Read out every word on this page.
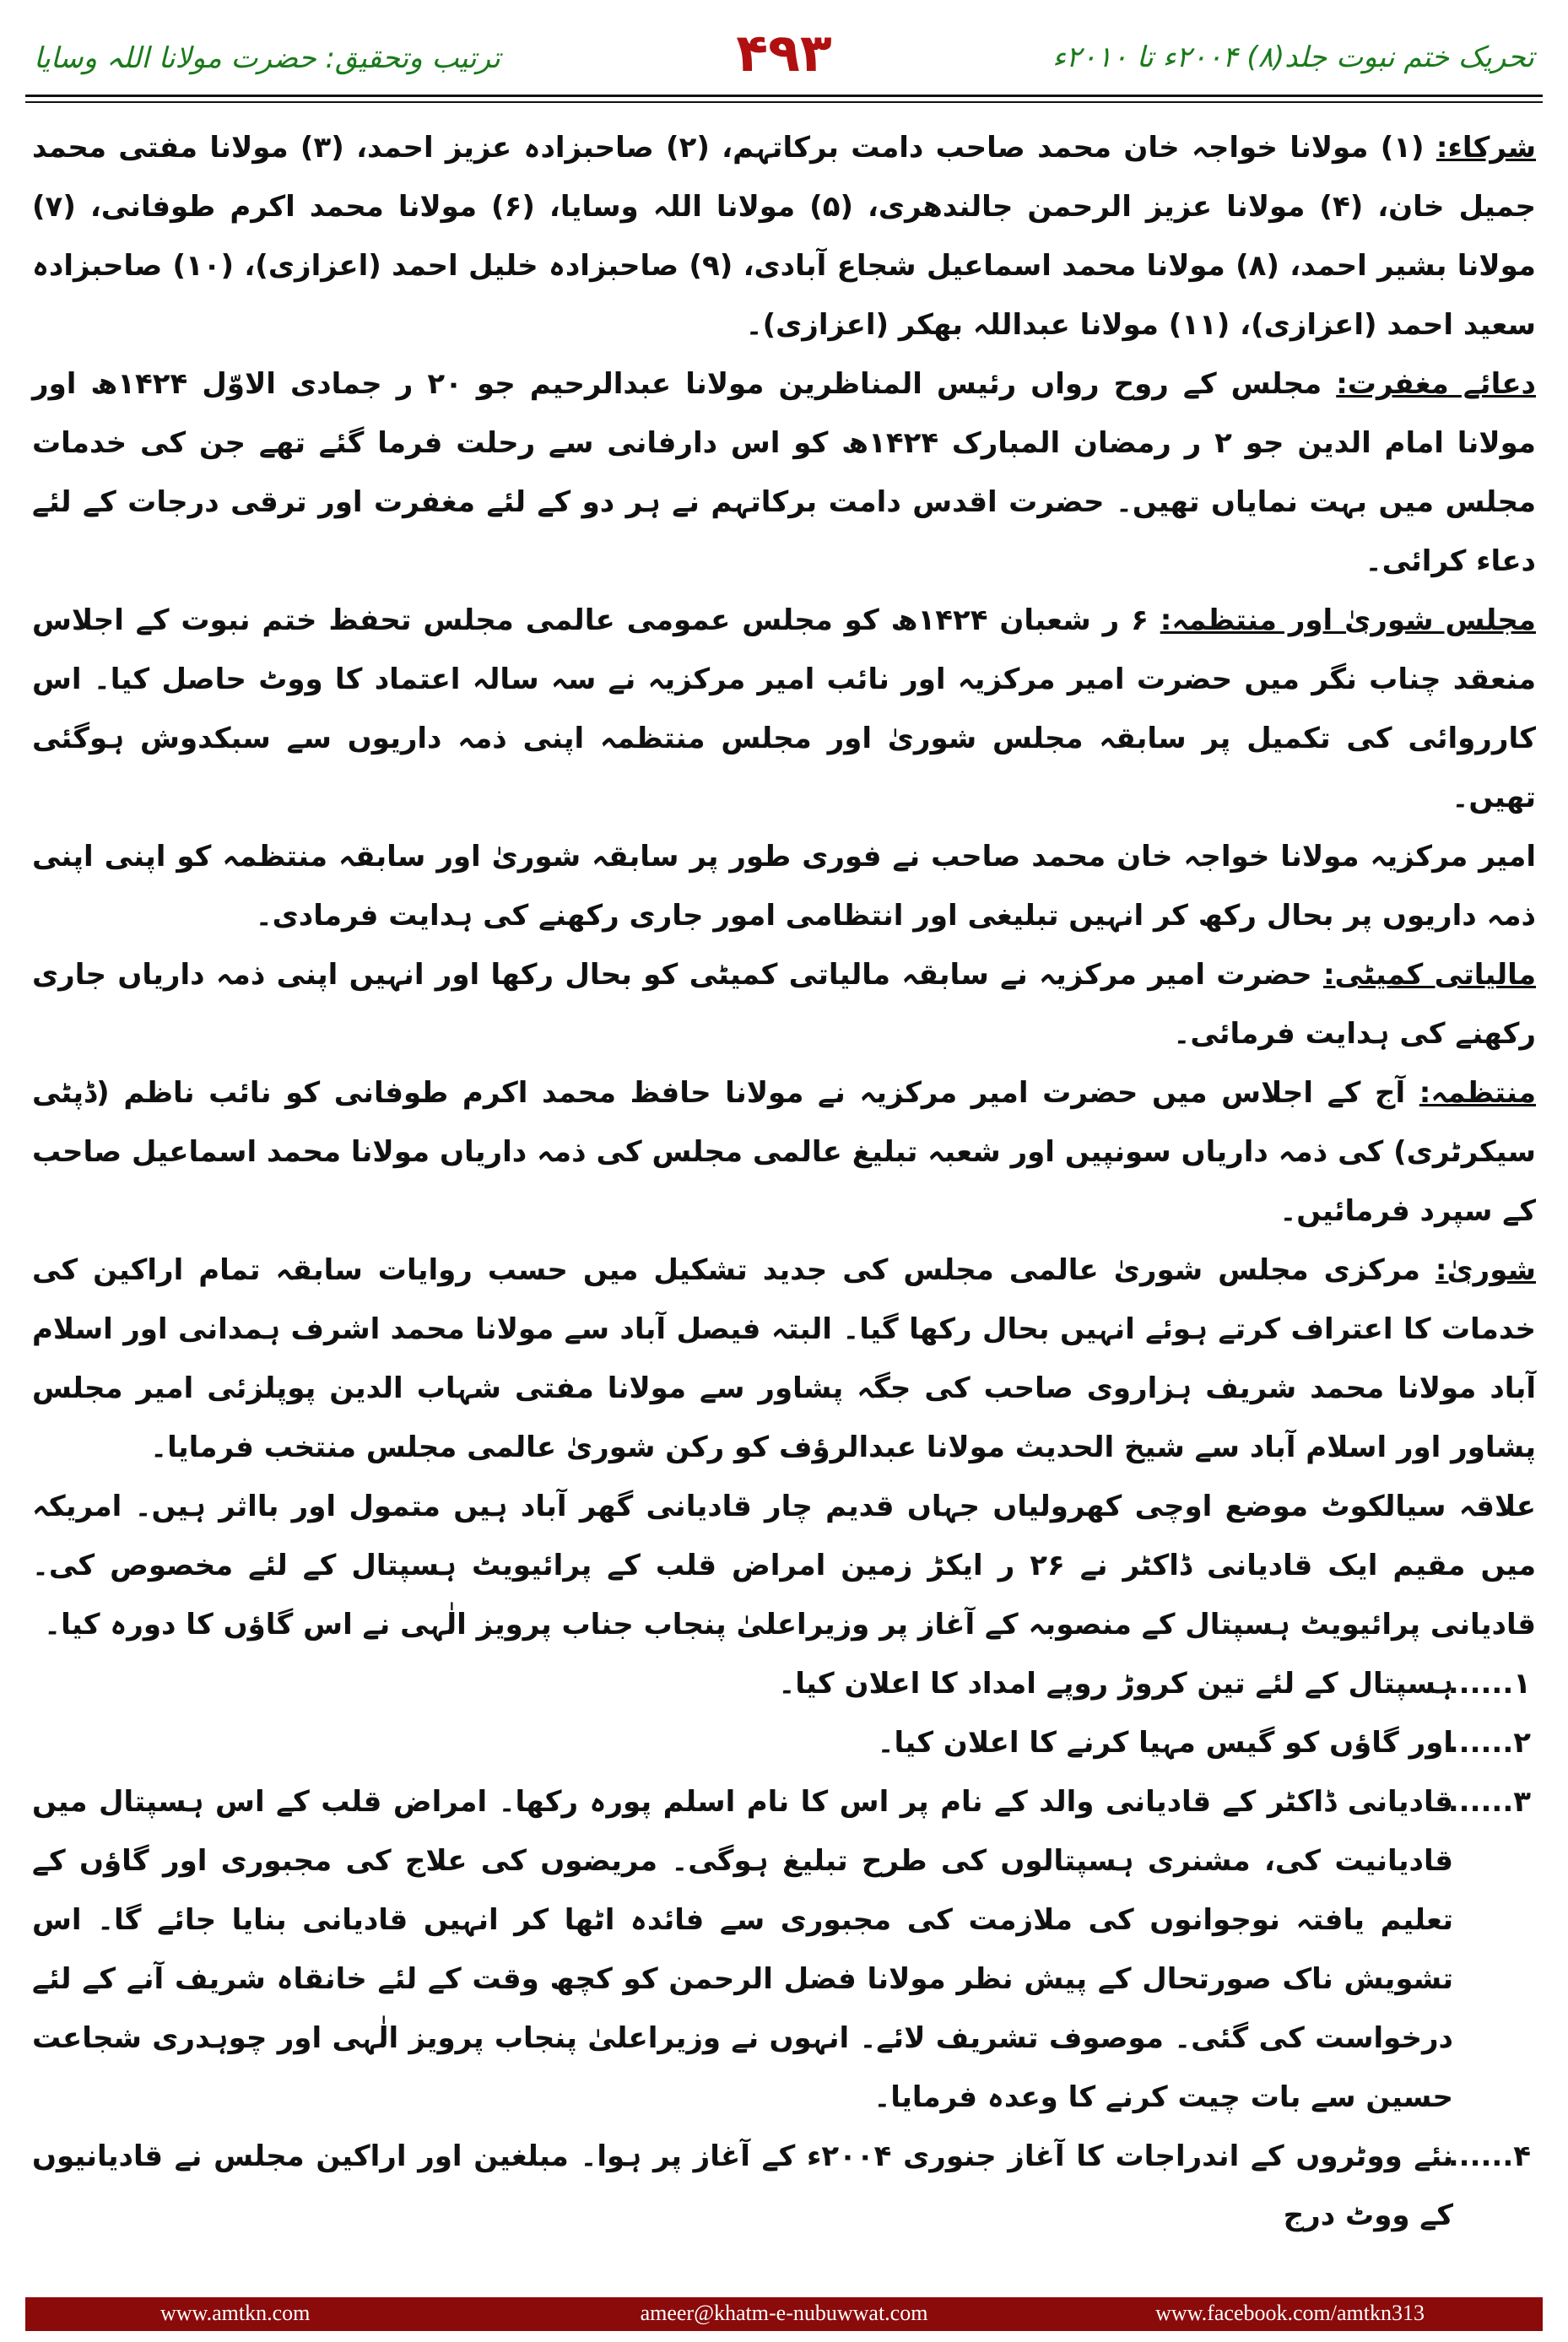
تحریک ختم نبوت جلد(۸) ۲۰۰۴ء تا ۲۰۱۰ء
۴۹۳
ترتیب وتحقیق: حضرت مولانا اللہ وسایا

شرکاء: (۱) مولانا خواجہ خان محمد صاحب دامت برکاتہم، (۲) صاحبزادہ عزیز احمد، (۳) مولانا مفتی محمد جمیل خان، (۴) مولانا عزیز الرحمن جالندھری، (۵) مولانا اللہ وسایا، (۶) مولانا محمد اکرم طوفانی، (۷) مولانا بشیر احمد، (۸) مولانا محمد اسماعیل شجاع آبادی، (۹) صاحبزادہ خلیل احمد (اعزازی)، (۱۰) صاحبزادہ سعید احمد (اعزازی)، (۱۱) مولانا عبداللہ بھکر (اعزازی)۔

دعائے مغفرت: مجلس کے روح رواں رئیس المناظرین مولانا عبدالرحیم جو ۲۰ ر جمادی الاوّل ۱۴۲۴ھ اور مولانا امام الدین جو ۲ ر رمضان المبارک ۱۴۲۴ھ کو اس دارفانی سے رحلت فرما گئے تھے جن کی خدمات مجلس میں بہت نمایاں تھیں۔ حضرت اقدس دامت برکاتہم نے ہر دو کے لئے مغفرت اور ترقی درجات کے لئے دعاء کرائی۔

مجلس شوریٰ اور منتظمہ: ۶ ر شعبان ۱۴۲۴ھ کو مجلس عمومی عالمی مجلس تحفظ ختم نبوت کے اجلاس منعقد چناب نگر میں حضرت امیر مرکزیہ اور نائب امیر مرکزیہ نے سہ سالہ اعتماد کا ووٹ حاصل کیا۔ اس کارروائی کی تکمیل پر سابقہ مجلس شوریٰ اور مجلس منتظمہ اپنی ذمہ داریوں سے سبکدوش ہوگئی تھیں۔

امیر مرکزیہ مولانا خواجہ خان محمد صاحب نے فوری طور پر سابقہ شوریٰ اور سابقہ منتظمہ کو اپنی اپنی ذمہ داریوں پر بحال رکھ کر انہیں تبلیغی اور انتظامی امور جاری رکھنے کی ہدایت فرمادی۔

مالیاتی کمیٹی: حضرت امیر مرکزیہ نے سابقہ مالیاتی کمیٹی کو بحال رکھا اور انہیں اپنی ذمہ داریاں جاری رکھنے کی ہدایت فرمائی۔

منتظمہ: آج کے اجلاس میں حضرت امیر مرکزیہ نے مولانا حافظ محمد اکرم طوفانی کو نائب ناظم (ڈپٹی سیکرٹری) کی ذمہ داریاں سونپیں اور شعبہ تبلیغ عالمی مجلس کی ذمہ داریاں مولانا محمد اسماعیل صاحب کے سپرد فرمائیں۔

شوریٰ: مرکزی مجلس شوریٰ عالمی مجلس کی جدید تشکیل میں حسب روایات سابقہ تمام اراکین کی خدمات کا اعتراف کرتے ہوئے انہیں بحال رکھا گیا۔ البتہ فیصل آباد سے مولانا محمد اشرف ہمدانی اور اسلام آباد مولانا محمد شریف ہزاروی صاحب کی جگہ پشاور سے مولانا مفتی شہاب الدین پوپلزئی امیر مجلس پشاور اور اسلام آباد سے شیخ الحدیث مولانا عبدالرؤف کو رکن شوریٰ عالمی مجلس منتخب فرمایا۔

علاقہ سیالکوٹ موضع اوچی کھرولیاں جہاں قدیم چار قادیانی گھر آباد ہیں متمول اور بااثر ہیں۔ امریکہ میں مقیم ایک قادیانی ڈاکٹر نے ۲۶ ر ایکڑ زمین امراض قلب کے پرائیویٹ ہسپتال کے لئے مخصوص کی۔ قادیانی پرائیویٹ ہسپتال کے منصوبہ کے آغاز پر وزیراعلیٰ پنجاب جناب پرویز الٰہی نے اس گاؤں کا دورہ کیا۔

۱......
ہسپتال کے لئے تین کروڑ روپے امداد کا اعلان کیا۔
۲......
اور گاؤں کو گیس مہیا کرنے کا اعلان کیا۔
۳......
قادیانی ڈاکٹر کے قادیانی والد کے نام پر اس کا نام اسلم پورہ رکھا۔ امراض قلب کے اس ہسپتال میں قادیانیت کی، مشنری ہسپتالوں کی طرح تبلیغ ہوگی۔ مریضوں کی علاج کی مجبوری اور گاؤں کے تعلیم یافتہ نوجوانوں کی ملازمت کی مجبوری سے فائدہ اٹھا کر انہیں قادیانی بنایا جائے گا۔ اس تشویش ناک صورتحال کے پیش نظر مولانا فضل الرحمن کو کچھ وقت کے لئے خانقاہ شریف آنے کے لئے درخواست کی گئی۔ موصوف تشریف لائے۔ انہوں نے وزیراعلیٰ پنجاب پرویز الٰہی اور چوہدری شجاعت حسین سے بات چیت کرنے کا وعدہ فرمایا۔
۴......
نئے ووٹروں کے اندراجات کا آغاز جنوری ۲۰۰۴ء کے آغاز پر ہوا۔ مبلغین اور اراکین مجلس نے قادیانیوں کے ووٹ درج
www.amtkn.com	ameer@khatm-e-nubuwwat.com	www.facebook.com/amtkn313
